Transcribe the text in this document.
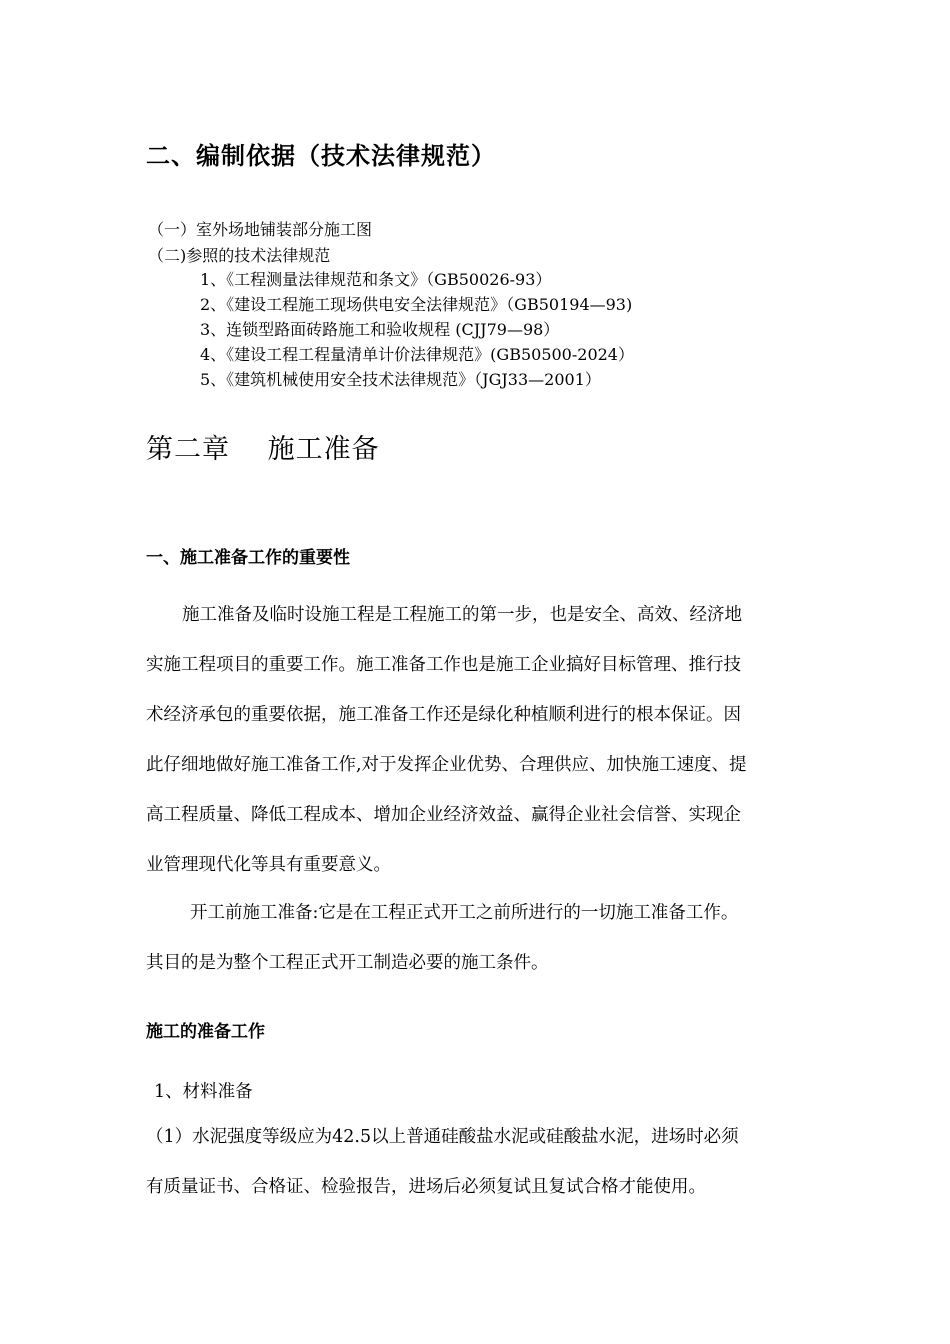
二、编制依据（技术法律规范）
（一）室外场地铺装部分施工图
（二)参照的技术法律规范
1、《工程测量法律规范和条文》（GB50026-93）
2、《建设工程施工现场供电安全法律规范》（GB50194—93)
3、连锁型路面砖路施工和验收规程 (CJJ79—98）
4、《建设工程工程量清单计价法律规范》(GB50500-2024）
5、《建筑机械使用安全技术法律规范》（JGJ33—2001）
第二章　 施工准备
一、施工准备工作的重要性
施工准备及临时设施工程是工程施工的第一步，也是安全、高效、经济地
实施工程项目的重要工作。施工准备工作也是施工企业搞好目标管理、推行技
术经济承包的重要依据，施工准备工作还是绿化种植顺利进行的根本保证。因
此仔细地做好施工准备工作,对于发挥企业优势、合理供应、加快施工速度、提
高工程质量、降低工程成本、增加企业经济效益、赢得企业社会信誉、实现企
业管理现代化等具有重要意义。
开工前施工准备:它是在工程正式开工之前所进行的一切施工准备工作。
其目的是为整个工程正式开工制造必要的施工条件。
施工的准备工作
1、材料准备
（1）水泥强度等级应为42.5以上普通硅酸盐水泥或硅酸盐水泥，进场时必须
有质量证书、合格证、检验报告，进场后必须复试且复试合格才能使用。
